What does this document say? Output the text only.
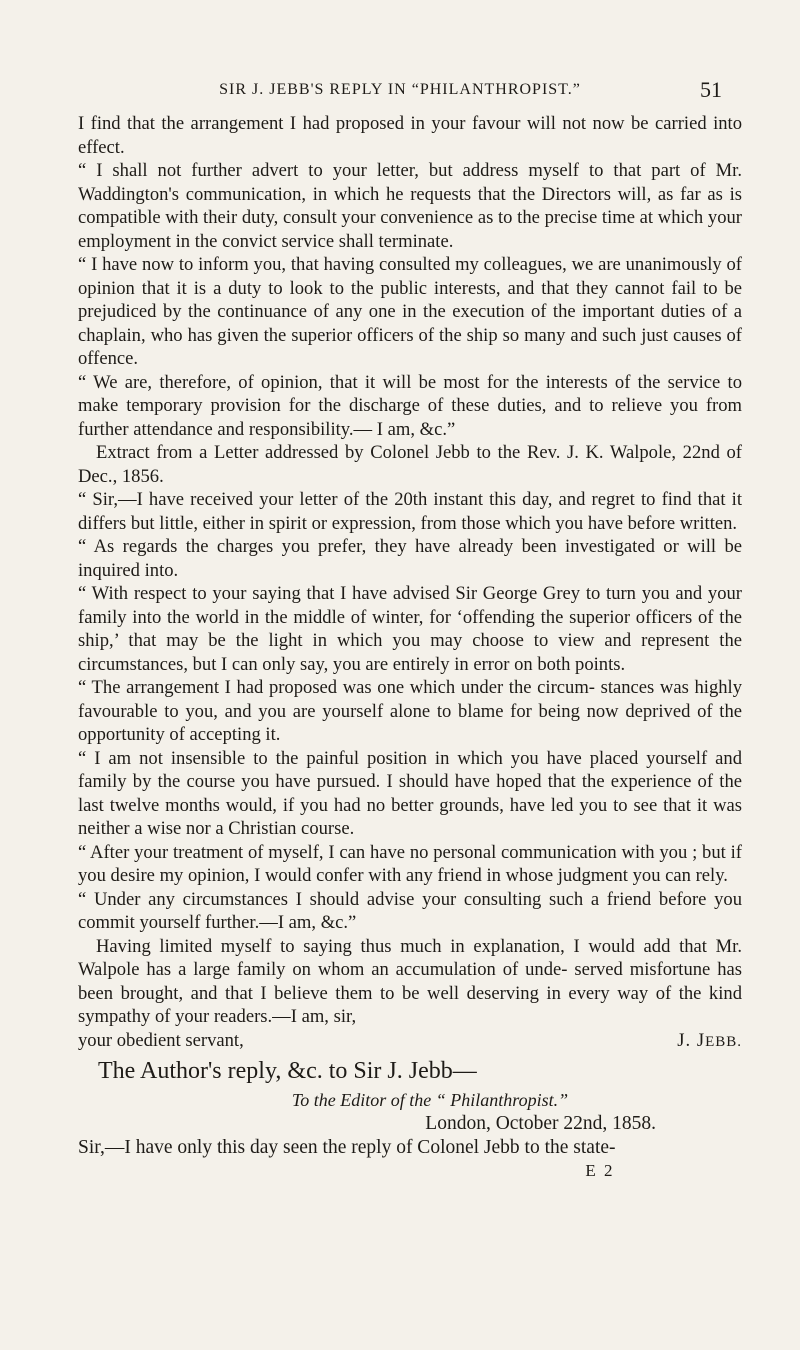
SIR J. JEBB'S REPLY IN “PHILANTHROPIST.”	51

I find that the arrangement I had proposed in your favour will not now be carried into effect.

“ I shall not further advert to your letter, but address myself to that part of Mr. Waddington's communication, in which he requests that the Directors will, as far as is compatible with their duty, consult your convenience as to the precise time at which your employment in the convict service shall terminate.

“ I have now to inform you, that having consulted my colleagues, we are unanimously of opinion that it is a duty to look to the public interests, and that they cannot fail to be prejudiced by the continuance of any one in the execution of the important duties of a chaplain, who has given the superior officers of the ship so many and such just causes of offence.

“ We are, therefore, of opinion, that it will be most for the interests of the service to make temporary provision for the discharge of these duties, and to relieve you from further attendance and responsibility.— I am, &c.”

Extract from a Letter addressed by Colonel Jebb to the Rev. J. K. Walpole, 22nd of Dec., 1856.

“ Sir,—I have received your letter of the 20th instant this day, and regret to find that it differs but little, either in spirit or expression, from those which you have before written.

“ As regards the charges you prefer, they have already been investigated or will be inquired into.

“ With respect to your saying that I have advised Sir George Grey to turn you and your family into the world in the middle of winter, for ‘offending the superior officers of the ship,’ that may be the light in which you may choose to view and represent the circumstances, but I can only say, you are entirely in error on both points.

“ The arrangement I had proposed was one which under the circum- stances was highly favourable to you, and you are yourself alone to blame for being now deprived of the opportunity of accepting it.

“ I am not insensible to the painful position in which you have placed yourself and family by the course you have pursued. I should have hoped that the experience of the last twelve months would, if you had no better grounds, have led you to see that it was neither a wise nor a Christian course.

“ After your treatment of myself, I can have no personal communication with you ; but if you desire my opinion, I would confer with any friend in whose judgment you can rely.

“ Under any circumstances I should advise your consulting such a friend before you commit yourself further.—I am, &c.”

Having limited myself to saying thus much in explanation, I would add that Mr. Walpole has a large family on whom an accumulation of unde- served misfortune has been brought, and that I believe them to be well deserving in every way of the kind sympathy of your readers.—I am, sir,

your obedient servant,	J. JEBB.
The Author's reply, &c. to Sir J. Jebb—
To the Editor of the “ Philanthropist.”
London, October 22nd, 1858.
Sir,—I have only this day seen the reply of Colonel Jebb to the state-
E 2
